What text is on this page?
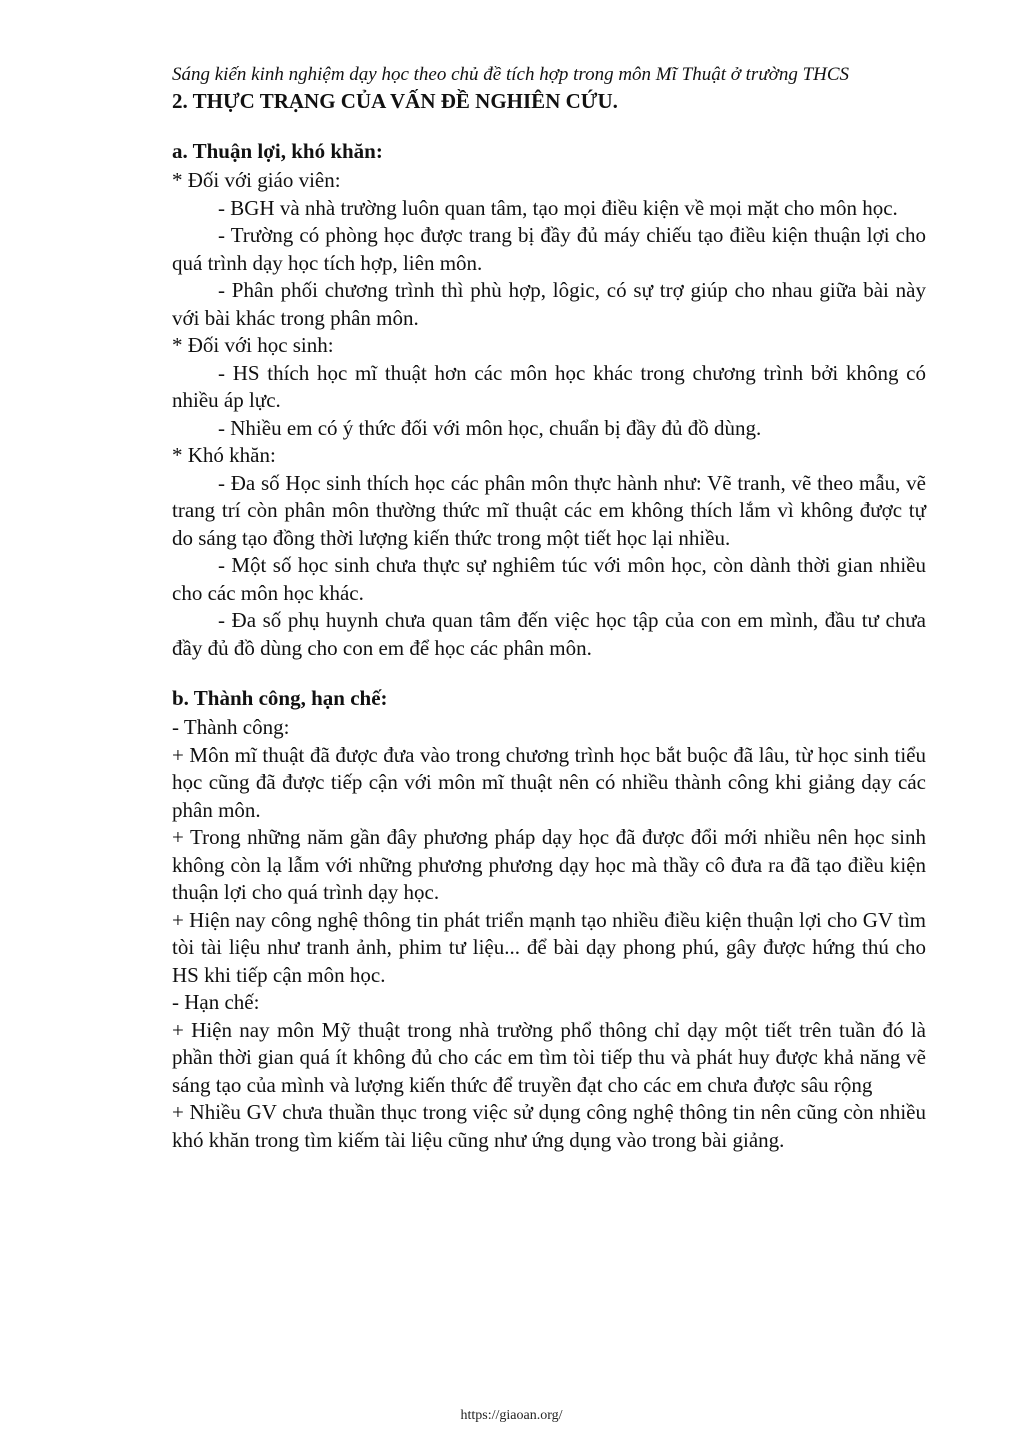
Sáng kiến kinh nghiệm dạy học theo chủ đề tích hợp trong môn Mĩ Thuật ở trường THCS

2. THỰC TRẠNG CỦA VẤN ĐỀ NGHIÊN CỨU.
a. Thuận lợi, khó khăn:

* Đối với giáo viên:

- BGH và nhà trường luôn quan tâm, tạo mọi điều kiện về mọi mặt cho môn học.

- Trường có phòng học được trang bị đầy đủ máy chiếu tạo điều kiện thuận lợi cho quá trình dạy học tích hợp, liên môn.

- Phân phối chương trình thì phù hợp, lôgic, có sự trợ giúp cho nhau giữa bài này với bài khác trong phân môn.

* Đối với học sinh:

- HS thích học mĩ thuật hơn các môn học khác trong chương trình bởi không có nhiều áp lực.

- Nhiều em có ý thức đối với môn học, chuẩn bị đầy đủ đồ dùng.

* Khó khăn:

- Đa số Học sinh thích học các phân môn thực hành như: Vẽ tranh, vẽ theo mẫu, vẽ trang trí còn phân môn thường thức mĩ thuật các em không thích lắm vì không được tự do sáng tạo đồng thời lượng kiến thức trong một tiết học lại nhiều.

- Một số học sinh chưa thực sự nghiêm túc với môn học, còn dành thời gian nhiều cho các môn học khác.

- Đa số phụ huynh chưa quan tâm đến việc học tập của con em mình, đầu tư chưa đầy đủ đồ dùng cho con em để học các phân môn.

b. Thành công, hạn chế:

- Thành công:

+ Môn mĩ thuật đã được đưa vào trong chương trình học bắt buộc đã lâu, từ học sinh tiểu học cũng đã được tiếp cận với môn mĩ thuật nên có nhiều thành công khi giảng dạy các phân môn.

+ Trong những năm gần đây phương pháp dạy học đã được đổi mới nhiều nên học sinh không còn lạ lẫm với những phương phương dạy học mà thầy cô đưa ra đã tạo điều kiện thuận lợi cho quá trình dạy học.

+ Hiện nay công nghệ thông tin phát triển mạnh tạo nhiều điều kiện thuận lợi cho GV tìm tòi tài liệu như tranh ảnh, phim tư liệu... để bài dạy phong phú, gây được hứng thú cho HS khi tiếp cận môn học.

- Hạn chế:

+ Hiện nay môn Mỹ thuật trong nhà trường phổ thông chỉ dạy một tiết trên tuần đó là phần thời gian quá ít không đủ cho các em tìm tòi tiếp thu và phát huy được khả năng vẽ sáng tạo của mình và lượng kiến thức để truyền đạt cho các em chưa được sâu rộng

+ Nhiều GV chưa thuần thục trong việc sử dụng công nghệ thông tin nên cũng còn nhiều khó khăn trong tìm kiếm tài liệu cũng như ứng dụng vào trong bài giảng.

https://giaoan.org/
